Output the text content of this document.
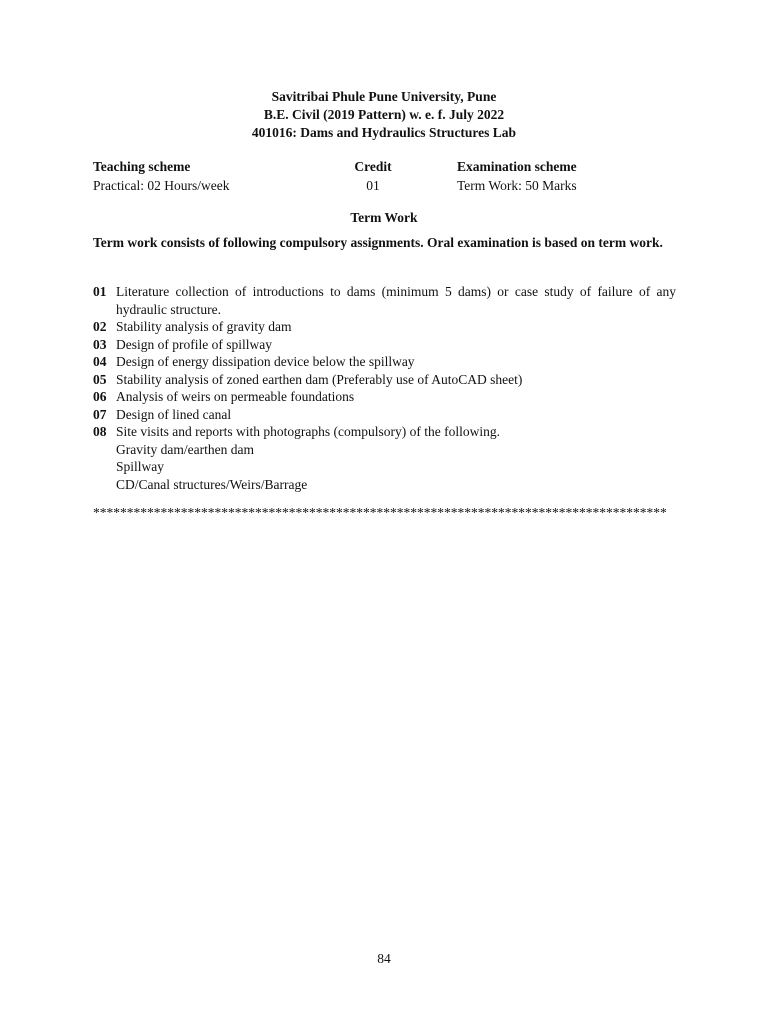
Savitribai Phule Pune University, Pune
B.E. Civil (2019 Pattern) w. e. f. July 2022
401016: Dams and Hydraulics Structures Lab
Teaching scheme
Practical: 02 Hours/week
Credit
01
Examination scheme
Term Work: 50 Marks
Term Work
Term work consists of following compulsory assignments. Oral examination is based on term work.
01 Literature collection of introductions to dams (minimum 5 dams) or case study of failure of any hydraulic structure.
02 Stability analysis of gravity dam
03 Design of profile of spillway
04 Design of energy dissipation device below the spillway
05 Stability analysis of zoned earthen dam (Preferably use of AutoCAD sheet)
06 Analysis of weirs on permeable foundations
07 Design of lined canal
08 Site visits and reports with photographs (compulsory) of the following.
Gravity dam/earthen dam
Spillway
CD/Canal structures/Weirs/Barrage
*************************************************************************************
84
